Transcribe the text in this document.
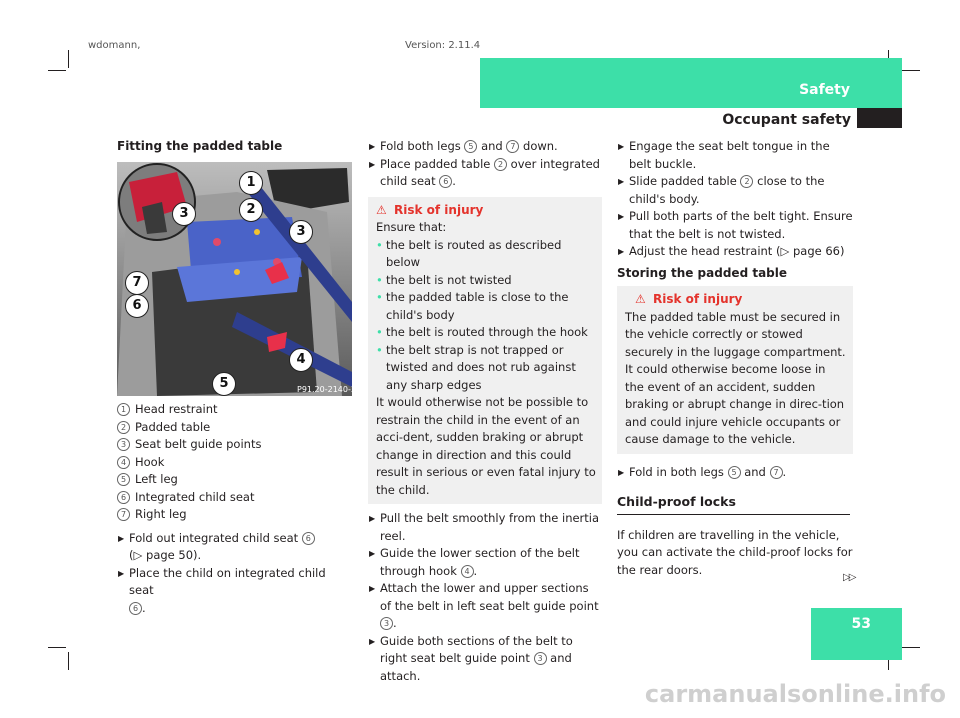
wdomann,	Version: 2.11.4
Safety
Occupant safety
53

Fitting the padded table

P91.20-2140-31
1
2
3
3
7
6
4
5
1 Head restraint
2 Padded table
3 Seat belt guide points
4 Hook
5 Left leg
6 Integrated child seat
7 Right leg
▶ Fold out integrated child seat 6
(▷ page 50).
▶ Place the child on integrated child seat
6 .
▶ Fold both legs 5 and 7 down.
▶ Place padded table 2 over integrated child seat 6 .
⚠ Risk of injury

Ensure that:

• the belt is routed as described below
• the belt is not twisted
• the padded table is close to the child's body
• the belt is routed through the hook
• the belt strap is not trapped or twisted and does not rub against any sharp edges

It would otherwise not be possible to restrain the child in the event of an acci-dent, sudden braking or abrupt change in direction and this could result in serious or even fatal injury to the child.

▶ Pull the belt smoothly from the inertia reel.
▶ Guide the lower section of the belt through hook 4 .
▶ Attach the lower and upper sections of the belt in left seat belt guide point 3 .
▶ Guide both sections of the belt to right seat belt guide point 3 and attach.
▶ Engage the seat belt tongue in the belt buckle.
▶ Slide padded table 2 close to the child's body.
▶ Pull both parts of the belt tight. Ensure that the belt is not twisted.
▶ Adjust the head restraint (▷ page 66)

Storing the padded table

⚠ Risk of injury

The padded table must be secured in the vehicle correctly or stowed securely in the luggage compartment. It could otherwise become loose in the event of an accident, sudden braking or abrupt change in direc-tion and could injure vehicle occupants or cause damage to the vehicle.

▶ Fold in both legs 5 and 7 .

Child-proof locks

If children are travelling in the vehicle, you can activate the child-proof locks for the rear doors.

▷▷
carmanualsonline.info
